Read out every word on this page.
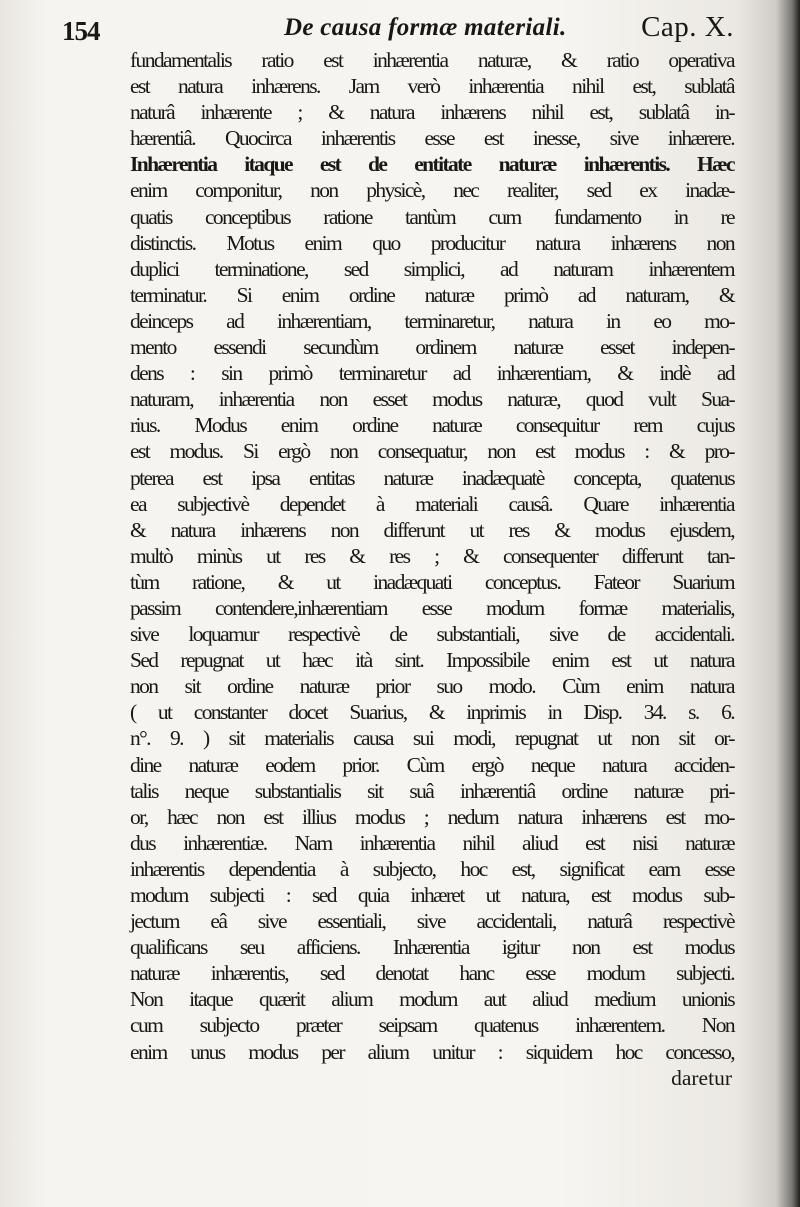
154	De causa formæ materiali.	Cap. X.
fundamentalis ratio est inhærentia naturæ, & ratio operativa
est natura inhærens. Jam verò inhærentia nihil est, sublatâ
naturâ inhærente ; & natura inhærens nihil est, sublatâ in-
hærentiâ. Quocirca inhærentis esse est inesse, sive inhærere.
Inhærentia itaque est de entitate naturæ inhærentis. Hæc
enim componitur, non physicè, nec realiter, sed ex inadæ-
quatis conceptibus ratione tantùm cum fundamento in re
distinctis. Motus enim quo producitur natura inhærens non
duplici terminatione, sed simplici, ad naturam inhærentem
terminatur. Si enim ordine naturæ primò ad naturam, &
deinceps ad inhærentiam, terminaretur, natura in eo mo-
mento essendi secundùm ordinem naturæ esset indepen-
dens : sin primò terminaretur ad inhærentiam, & indè ad
naturam, inhærentia non esset modus naturæ, quod vult Sua-
rius. Modus enim ordine naturæ consequitur rem cujus
est modus. Si ergò non consequatur, non est modus : & pro-
pterea est ipsa entitas naturæ inadæquatè concepta, quatenus
ea subjectivè dependet à materiali causâ. Quare inhærentia
& natura inhærens non differunt ut res & modus ejusdem,
multò minùs ut res & res ; & consequenter differunt tan-
tùm ratione, & ut inadæquati conceptus. Fateor Suarium
passim contendere,inhærentiam esse modum formæ materialis,
sive loquamur respectivè de substantiali, sive de accidentali.
Sed repugnat ut hæc ità sint. Impossibile enim est ut natura
non sit ordine naturæ prior suo modo. Cùm enim natura
( ut constanter docet Suarius, & inprimis in Disp. 34. s. 6.
n°. 9. ) sit materialis causa sui modi, repugnat ut non sit or-
dine naturæ eodem prior. Cùm ergò neque natura acciden-
talis neque substantialis sit suâ inhærentiâ ordine naturæ pri-
or, hæc non est illius modus ; nedum natura inhærens est mo-
dus inhærentiæ. Nam inhærentia nihil aliud est nisi naturæ
inhærentis dependentia à subjecto, hoc est, significat eam esse
modum subjecti : sed quia inhæret ut natura, est modus sub-
jectum eâ sive essentiali, sive accidentali, naturâ respectivè
qualificans seu afficiens. Inhærentia igitur non est modus
naturæ inhærentis, sed denotat hanc esse modum subjecti.
Non itaque quærit alium modum aut aliud medium unionis
cum subjecto præter seipsam quatenus inhærentem. Non
enim unus modus per alium unitur : siquidem hoc concesso,
daretur
